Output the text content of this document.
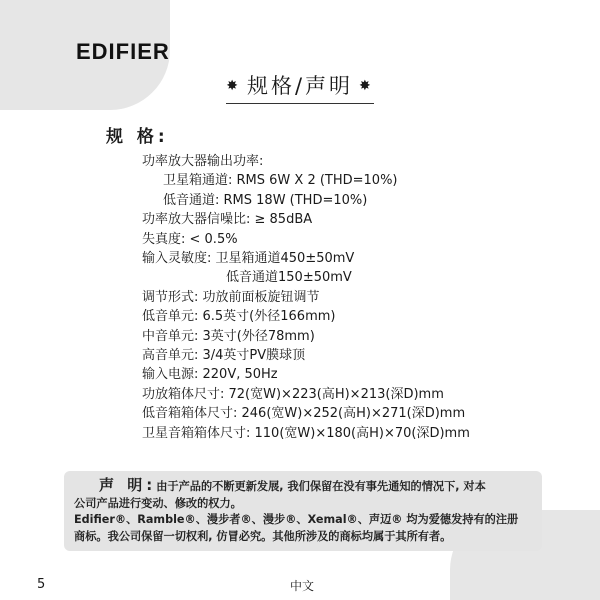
EDIFIER
✸ 规格/声明 ✸
规 格:
功率放大器输出功率:
卫星箱通道: RMS 6W X 2 (THD=10%)
低音通道: RMS 18W (THD=10%)
功率放大器信噪比: ≥ 85dBA
失真度: < 0.5%
输入灵敏度: 卫星箱通道450±50mV
低音通道150±50mV
调节形式: 功放前面板旋钮调节
低音单元: 6.5英寸(外径166mm)
中音单元: 3英寸(外径78mm)
高音单元: 3/4英寸PV膜球顶
输入电源: 220V, 50Hz
功放箱体尺寸: 72(宽W)×223(高H)×213(深D)mm
低音箱箱体尺寸: 246(宽W)×252(高H)×271(深D)mm
卫星音箱箱体尺寸: 110(宽W)×180(高H)×70(深D)mm
声 明:由于产品的不断更新发展, 我们保留在没有事先通知的情况下, 对本
公司产品进行变动、修改的权力。
Edifier®、Ramble®、漫步者®、漫步®、Xemal®、声迈® 均为爱德发持有的注册
商标。我公司保留一切权利, 仿冒必究。其他所涉及的商标均属于其所有者。
5	中文
